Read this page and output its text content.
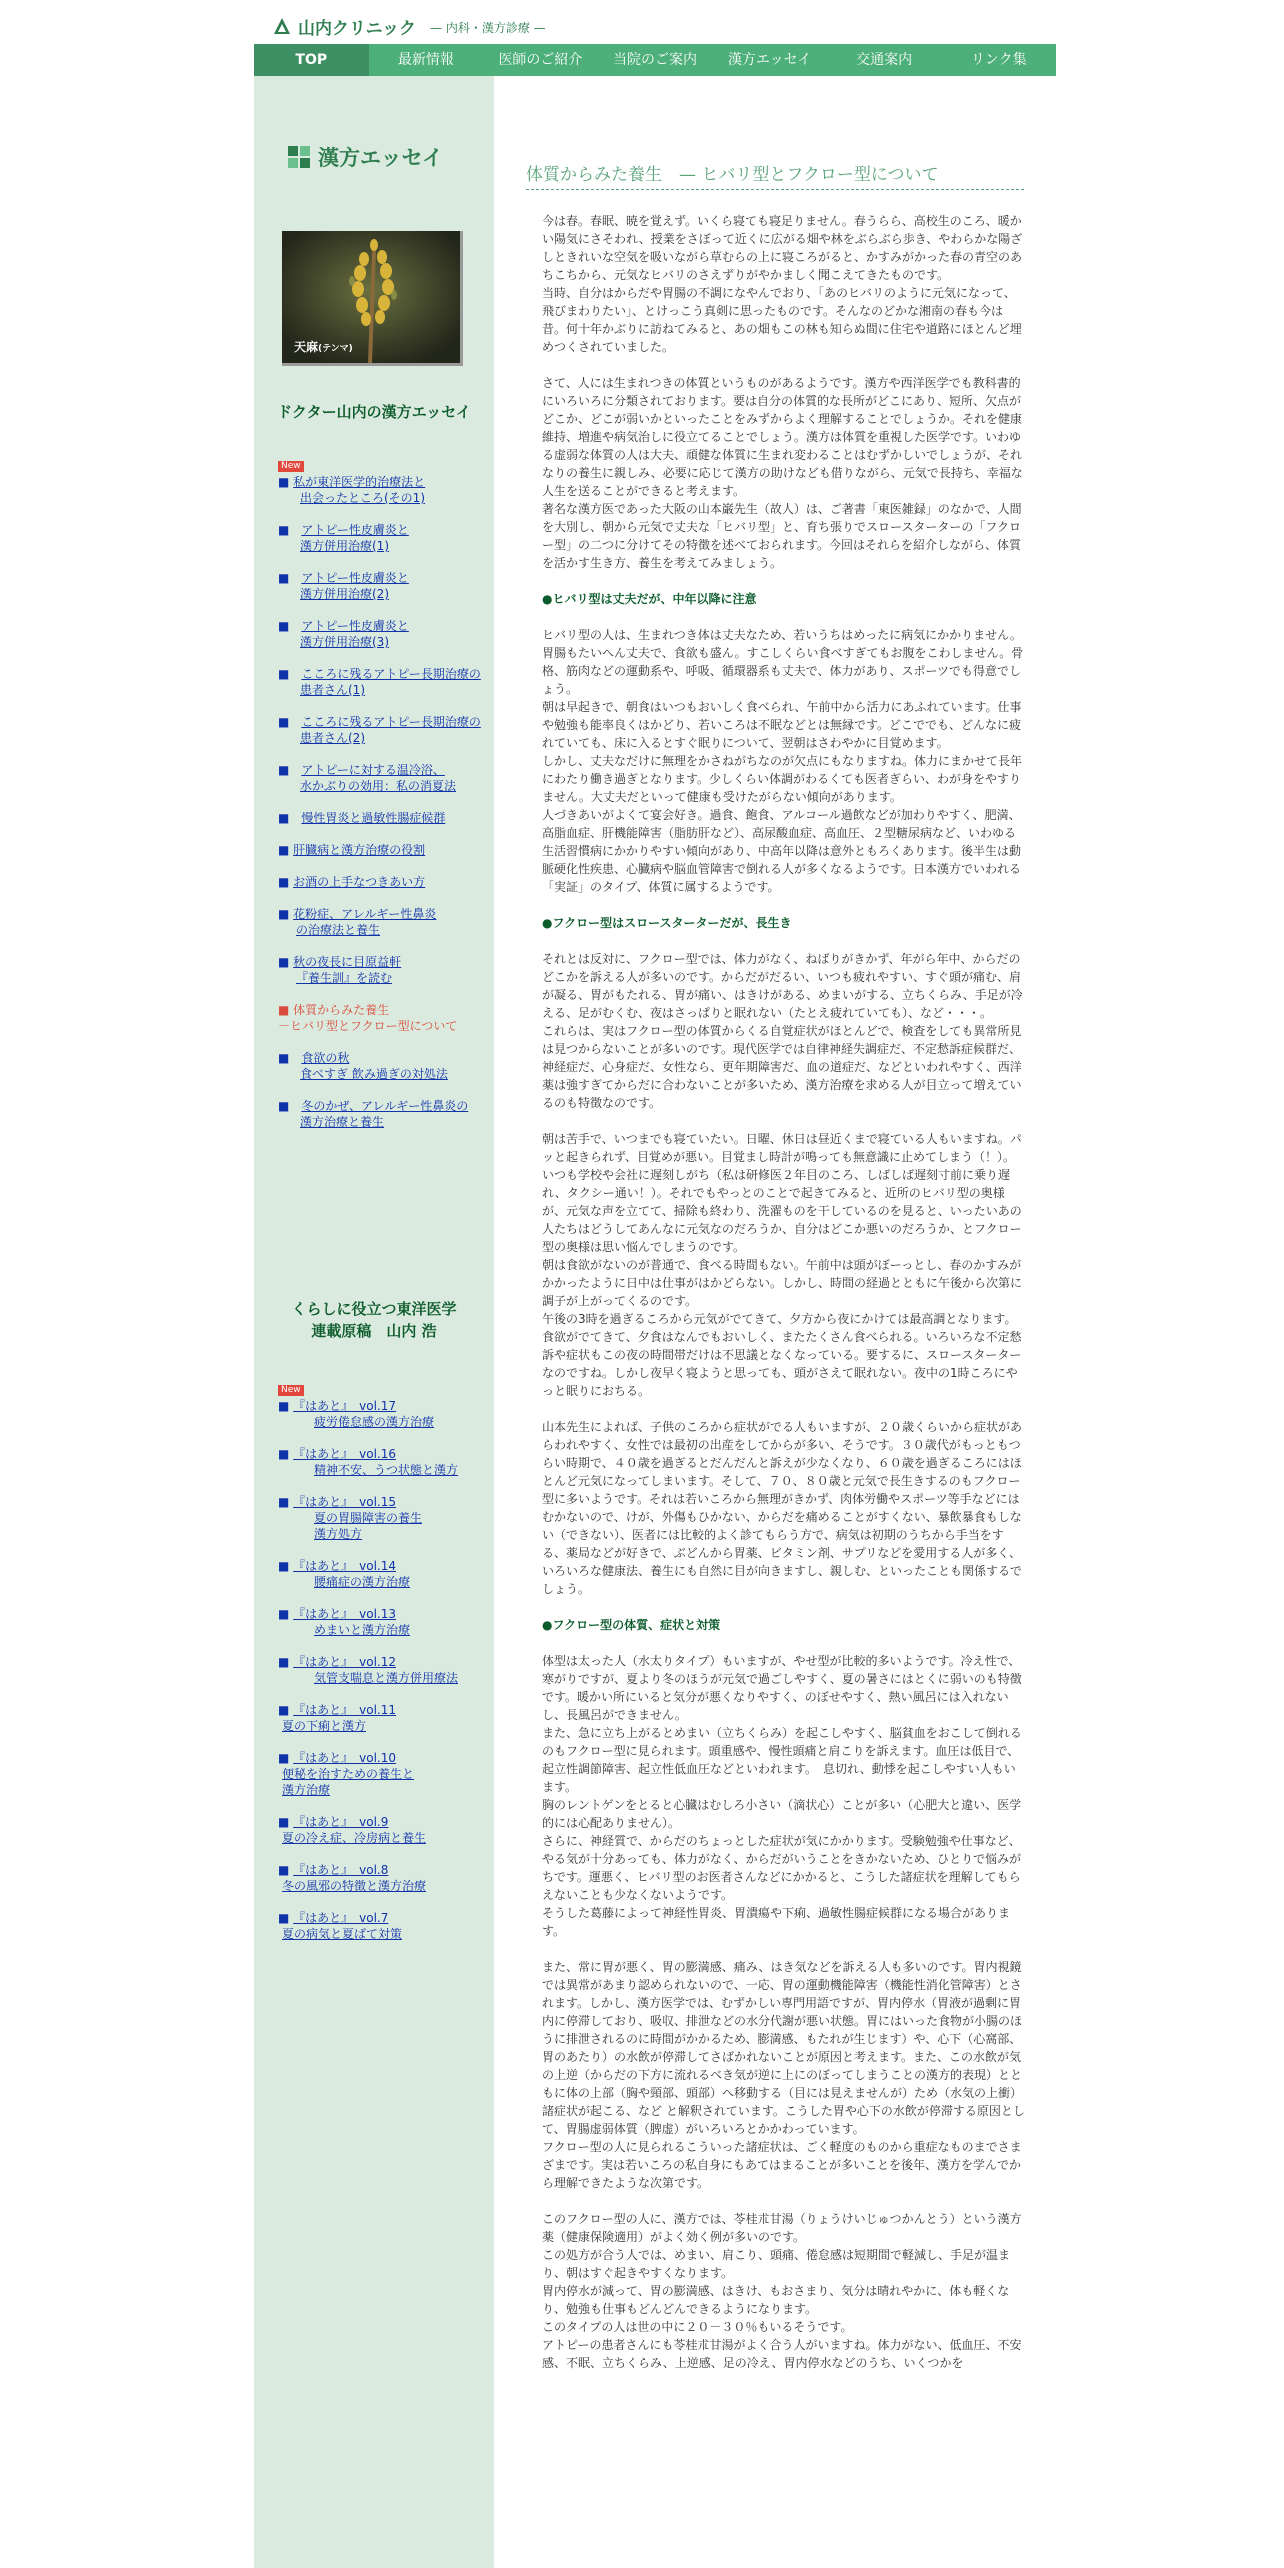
山内クリニック — 内科・漢方診療 —
TOP	最新情報	医師のご紹介	当院のご案内	漢方エッセイ	交通案内	リンク集
漢方エッセイ
天麻(テンマ)
ドクター山内の漢方エッセイ
New
■ 私が東洋医学的治療法と
出会ったところ(その1)
■　アトピー性皮膚炎と
漢方併用治療(1)
■　アトピー性皮膚炎と
漢方併用治療(2)
■　アトピー性皮膚炎と
漢方併用治療(3)
■　こころに残るアトピー長期治療の
患者さん(1)
■　こころに残るアトピー長期治療の
患者さん(2)
■　アトピーに対する温冷浴、
水かぶりの効用：私の消夏法
■　慢性胃炎と過敏性腸症候群
■ 肝臓病と漢方治療の役割
■ お酒の上手なつきあい方
■ 花粉症、アレルギー性鼻炎
の治療法と養生
■ 秋の夜長に目原益軒
『養生訓』を読む
■ 体質からみた養生
－ヒバリ型とフクロー型について
■　食欲の秋
食べすぎ 飲み過ぎの対処法
■　冬のかぜ、アレルギー性鼻炎の
漢方治療と養生
くらしに役立つ東洋医学
連載原稿　山内 浩
New
■ 『はあと』　vol.17
疲労倦怠感の漢方治療
■ 『はあと』　vol.16
精神不安、うつ状態と漢方
■ 『はあと』　vol.15
夏の胃腸障害の養生
漢方処方
■ 『はあと』　vol.14
腰痛症の漢方治療
■ 『はあと』　vol.13
めまいと漢方治療
■ 『はあと』　vol.12
気管支喘息と漢方併用療法
■ 『はあと』　vol.11
夏の下痢と漢方
■ 『はあと』　vol.10
便秘を治すための養生と
漢方治療
■ 『はあと』　vol.9
夏の冷え症、冷房病と養生
■ 『はあと』　vol.8
冬の風邪の特徴と漢方治療
■ 『はあと』　vol.7
夏の病気と夏ばて対策
体質からみた養生　— ヒバリ型とフクロー型について

今は春。春眠、暁を覚えず。いくら寝ても寝足りません。春うらら、高校生のころ、暖かい陽気にさそわれ、授業をさぼって近くに広がる畑や林をぶらぶら歩き、やわらかな陽ざしときれいな空気を吸いながら草むらの上に寝ころがると、かすみがかった春の青空のあちこちから、元気なヒバリのさえずりがやかましく聞こえてきたものです。
当時、自分はからだや胃腸の不調になやんでおり、「あのヒバリのように元気になって、飛びまわりたい」、とけっこう真剣に思ったものです。そんなのどかな湘南の春も今は昔。何十年かぶりに訪ねてみると、あの畑もこの林も知らぬ間に住宅や道路にほとんど埋めつくされていました。

さて、人には生まれつきの体質というものがあるようです。漢方や西洋医学でも教科書的にいろいろに分類されております。要は自分の体質的な長所がどこにあり、短所、欠点がどこか、どこが弱いかといったことをみずからよく理解することでしょうか。それを健康維持、増進や病気治しに役立てることでしょう。漢方は体質を重視した医学です。いわゆる虚弱な体質の人は大夫、頑健な体質に生まれ変わることはむずかしいでしょうが、それなりの養生に親しみ、必要に応じて漢方の助けなども借りながら、元気で長持ち、幸福な人生を送ることができると考えます。
著名な漢方医であった大阪の山本巌先生（故人）は、ご著書「東医雑録」のなかで、人間を大別し、朝から元気で丈夫な「ヒバリ型」と、育ち張りでスロースターターの「フクロー型」の二つに分けてその特徴を述べておられます。今回はそれらを紹介しながら、体質を活かす生き方、養生を考えてみましょう。

●ヒバリ型は丈夫だが、中年以降に注意

ヒバリ型の人は、生まれつき体は丈夫なため、若いうちはめったに病気にかかりません。胃腸もたいへん丈夫で、食欲も盛ん。すこしくらい食べすぎてもお腹をこわしません。骨格、筋肉などの運動系や、呼吸、循環器系も丈夫で、体力があり、スポーツでも得意でしょう。
朝は早起きで、朝食はいつもおいしく食べられ、午前中から活力にあふれています。仕事や勉強も能率良くはかどり、若いころは不眠などとは無縁です。どこででも、どんなに疲れていても、床に入るとすぐ眠りについて、翌朝はさわやかに目覚めます。
しかし、丈夫なだけに無理をかさねがちなのが欠点にもなりますね。体力にまかせて長年にわたり働き過ぎとなります。少しくらい体調がわるくても医者ぎらい、わが身をやすりません。大丈夫だといって健康も受けたがらない傾向があります。
人づきあいがよくて宴会好き。過食、飽食、アルコール過飲などが加わりやすく、肥満、高脂血症、肝機能障害（脂肪肝など）、高尿酸血症、高血圧、２型糖尿病など、いわゆる生活習慣病にかかりやすい傾向があり、中高年以降は意外ともろくあります。後半生は動脈硬化性疾患、心臓病や脳血管障害で倒れる人が多くなるようです。日本漢方でいわれる「実証」のタイプ、体質に属するようです。

●フクロー型はスロースターターだが、長生き

それとは反対に、フクロー型では、体力がなく、ねばりがきかず、年がら年中、からだのどこかを訴える人が多いのです。からだがだるい、いつも疲れやすい、すぐ頭が痛む、肩が凝る、胃がもたれる、胃が痛い、はきけがある、めまいがする、立ちくらみ、手足が冷える、足がむくむ、夜はさっぱりと眠れない（たとえ疲れていても）、など・・・。
これらは、実はフクロー型の体質からくる自覚症状がほとんどで、検査をしても異常所見は見つからないことが多いのです。現代医学では自律神経失調症だ、不定愁訴症候群だ、神経症だ、心身症だ、女性なら、更年期障害だ、血の道症だ、などといわれやすく、西洋薬は強すぎてからだに合わないことが多いため、漢方治療を求める人が目立って増えているのも特徴なのです。

朝は苦手で、いつまでも寝ていたい。日曜、休日は昼近くまで寝ている人もいますね。パッと起きられず、目覚めが悪い。目覚まし時計が鳴っても無意識に止めてしまう（！）。いつも学校や会社に遅刻しがち（私は研修医２年目のころ、しばしば遅刻寸前に乗り遅れ、タクシー通い！）。それでもやっとのことで起きてみると、近所のヒバリ型の奥様が、元気な声を立てて、掃除も終わり、洗濯ものを干しているのを見ると、いったいあの人たちはどうしてあんなに元気なのだろうか、自分はどこか悪いのだろうか、とフクロー型の奥様は思い悩んでしまうのです。
朝は食欲がないのが普通で、食べる時間もない。午前中は頭がぼーっとし、春のかすみがかかったように日中は仕事がはかどらない。しかし、時間の経過とともに午後から次第に調子が上がってくるのです。
午後の3時を過ぎるころから元気がでてきて、夕方から夜にかけては最高調となります。食欲がでてきて、夕食はなんでもおいしく、またたくさん食べられる。いろいろな不定愁訴や症状もこの夜の時間帯だけは不思議となくなっている。要するに、スロースターターなのですね。しかし夜早く寝ようと思っても、頭がさえて眠れない。夜中の1時ころにやっと眠りにおちる。

山本先生によれば、子供のころから症状がでる人もいますが、２０歳くらいから症状があらわれやすく、女性では最初の出産をしてからが多い、そうです。３０歳代がもっともつらい時期で、４０歳を過ぎるとだんだんと訴えが少なくなり、６０歳を過ぎるころにはほとんど元気になってしまいます。そして、７０、８０歳と元気で長生きするのもフクロー型に多いようです。それは若いころから無理がきかず、肉体労働やスポーツ等手などにはむかないので、けが、外傷もひかない、からだを痛めることがすくない、暴飲暴食もしない（できない）、医者には比較的よく診てもらう方で、病気は初期のうちから手当をする、薬局などが好きで、ぶどんから胃薬、ビタミン剤、サプリなどを愛用する人が多く、いろいろな健康法、養生にも自然に目が向きますし、親しむ、といったことも関係するでしょう。

●フクロー型の体質、症状と対策

体型は太った人（水太りタイプ）もいますが、やせ型が比較的多いようです。冷え性で、寒がりですが、夏より冬のほうが元気で過ごしやすく、夏の暑さにはとくに弱いのも特徴です。暖かい所にいると気分が悪くなりやすく、のぼせやすく、熱い風呂には入れないし、長風呂ができません。
また、急に立ち上がるとめまい（立ちくらみ）を起こしやすく、脳貧血をおこして倒れるのもフクロー型に見られます。頭重感や、慢性頭痛と肩こりを訴えます。血圧は低目で、起立性調節障害、起立性低血圧などといわれます。　息切れ、動悸を起こしやすい人もいます。
胸のレントゲンをとると心臓はむしろ小さい（滴状心）ことが多い（心肥大と違い、医学的には心配ありません）。
さらに、神経質で、からだのちょっとした症状が気にかかります。受験勉強や仕事など、やる気が十分あっても、体力がなく、からだがいうことをきかないため、ひとりで悩みがちです。運悪く、ヒバリ型のお医者さんなどにかかると、こうした諸症状を理解してもらえないことも少なくないようです。
そうした葛藤によって神経性胃炎、胃潰瘍や下痢、過敏性腸症候群になる場合があります。

また、常に胃が悪く、胃の膨満感、痛み、はき気などを訴える人も多いのです。胃内視鏡では異常があまり認められないので、一応、胃の運動機能障害（機能性消化管障害）とされます。しかし、漢方医学では、むずかしい専門用語ですが、胃内停水（胃液が過剰に胃内に停滞しており、吸収、排泄などの水分代謝が悪い状態。胃にはいった食物が小腸のほうに排泄されるのに時間がかかるため、膨満感、もたれが生じます）や、心下（心窩部、胃のあたり）の水飲が停滞してさばかれないことが原因と考えます。また、この水飲が気の上逆（からだの下方に流れるべき気が逆に上にのぼってしまうことの漢方的表現）とともに体の上部（胸や頸部、頭部）へ移動する（目には見えませんが）ため（水気の上衝）諸症状が起こる、など と解釈されています。こうした胃や心下の水飲が停滞する原因として、胃腸虚弱体質（脾虚）がいろいろとかかわっています。
フクロー型の人に見られるこういった諸症状は、ごく軽度のものから重症なものまでさまざまです。実は若いころの私自身にもあてはまることが多いことを後年、漢方を学んでから理解できたような次第です。

このフクロー型の人に、漢方では、苓桂朮甘湯（りょうけいじゅつかんとう）という漢方薬（健康保険適用）がよく効く例が多いのです。
この処方が合う人では、めまい、肩こり、頭痛、倦怠感は短期間で軽減し、手足が温まり、朝はすぐ起きやすくなります。
胃内停水が減って、胃の膨満感、はきけ、もおさまり、気分は晴れやかに、体も軽くなり、勉強も仕事もどんどんできるようになります。
このタイプの人は世の中に２０－３０％もいるそうです。
アトピーの患者さんにも苓桂朮甘湯がよく合う人がいますね。体力がない、低血圧、不安感、不眠、立ちくらみ、上逆感、足の冷え、胃内停水などのうち、いくつかを
